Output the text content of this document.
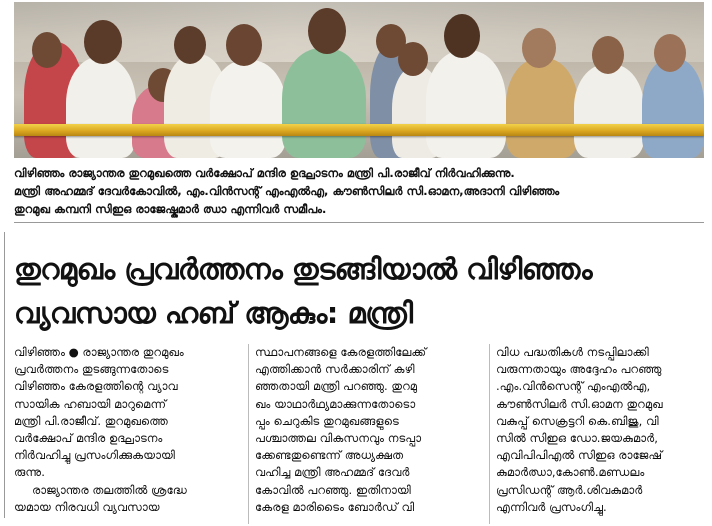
വിഴിഞ്ഞം രാജ്യാന്തര തുറമുഖത്തെ വർക്ഷോപ് മന്ദിര ഉദ്ഘാടനം മന്ത്രി പി.രാജീവ് നിർവഹിക്കുന്നു.
മന്ത്രി അഹമ്മദ് ദേവർകോവിൽ, എം.വിൻസന്റ് എംഎൽഎ, കൗൺസിലർ സി.ഓമന,അദാനി വിഴിഞ്ഞം
തുറമുഖ കമ്പനി സിഇഒ രാജേഷ്കുമാർ ഝാ എന്നിവർ സമീപം.
തുറമുഖം പ്രവർത്തനം തുടങ്ങിയാൽ വിഴിഞ്ഞം
വ്യവസായ ഹബ് ആകും: മന്ത്രി
വിഴിഞ്ഞം ● രാജ്യാന്തര തുറമുഖം
പ്രവർത്തനം തുടങ്ങുന്നതോടെ
വിഴിഞ്ഞം കേരളത്തിന്റെ വ്യാവ
സായിക ഹബായി മാറുമെന്ന്
മന്ത്രി പി.രാജീവ്. തുറമുഖത്തെ
വർക്ഷോപ് മന്ദിര ഉദ്ഘാടനം
നിർവഹിച്ചു പ്രസംഗിക്കുകയായി
രുന്നു.
രാജ്യാന്തര തലത്തിൽ ശ്രദ്ധേ
യമായ നിരവധി വ്യവസായ
സ്ഥാപനങ്ങളെ കേരളത്തിലേക്ക്
എത്തിക്കാൻ സർക്കാരിന് കഴി
ഞ്ഞതായി മന്ത്രി പറഞ്ഞു. തുറമു
ഖം യാഥാർഥ്യമാക്കുന്നതോടൊ
പ്പം ചെറുകിട തുറമുഖങ്ങളുടെ
പശ്ചാത്തല വികസനവും നടപ്പാ
ക്കേണ്ടതുണ്ടെന്ന് അധ്യക്ഷത
വഹിച്ച മന്ത്രി അഹമ്മദ് ദേവർ
കോവിൽ പറഞ്ഞു. ഇതിനായി
കേരള മാരിടൈം ബോർഡ് വി
വിധ പദ്ധതികൾ നടപ്പിലാക്കി
വരുന്നതായും അദ്ദേഹം പറഞ്ഞു
.എം.വിൻസെന്റ് എംഎൽഎ,
കൗൺസിലർ സി.ഓമന തുറമുഖ
വകുപ്പ് സെക്രട്ടറി കെ.ബിജു, വി
സിൽ സിഇഒ ഡോ.ജയകുമാർ,
എവിപിപിഎൽ സിഇഒ രാജേഷ്
കുമാർഝാ,കോൺ.മണ്ഡലം
പ്രസിഡന്റ് ആർ.ശിവകുമാർ
എന്നിവർ പ്രസംഗിച്ചു.
